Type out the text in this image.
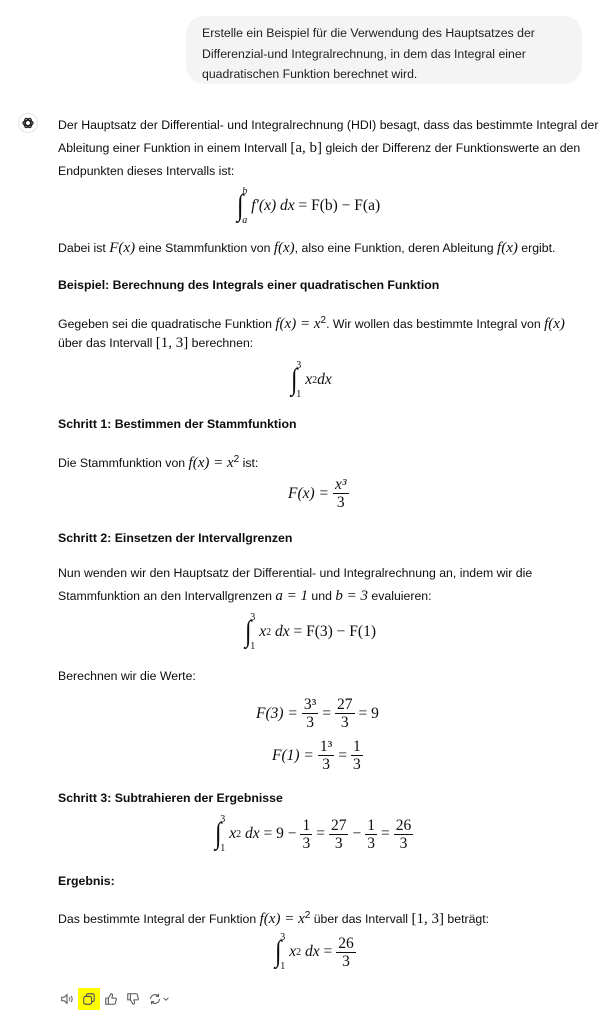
Erstelle ein Beispiel für die Verwendung des Hauptsatzes der Differenzial-und Integralrechnung, in dem das Integral einer quadratischen Funktion berechnet wird.
Der Hauptsatz der Differential- und Integralrechnung (HDI) besagt, dass das bestimmte Integral der
Ableitung einer Funktion in einem Intervall [a, b] gleich der Differenz der Funktionswerte an den
Endpunkten dieses Intervalls ist:
∫
b
a
f′(x) dx
= F(b) − F(a)
Dabei ist F(x) eine Stammfunktion von f(x), also eine Funktion, deren Ableitung f(x) ergibt.
Beispiel: Berechnung des Integrals einer quadratischen Funktion
Gegeben sei die quadratische Funktion $f(x) = x^2$. Wir wollen das bestimmte Integral von f(x)
über das Intervall [1, 3] berechnen:
∫
3
1
x 2 dx
Schritt 1: Bestimmen der Stammfunktion
Die Stammfunktion von $f(x) = x^2$ ist:
$F(x) = \frac{\text{x³}}{3}$
Schritt 2: Einsetzen der Intervallgrenzen
Nun wenden wir den Hauptsatz der Differential- und Integralrechnung an, indem wir die
Stammfunktion an den Intervallgrenzen a = 1 und b = 3 evaluieren:
∫
3
1
x 2 dx = F(3) − F(1)
Berechnen wir die Werte:
$F(3) = \frac{\text{3³}}{3} = \frac{27}{3} = 9$
$F(1) = \frac{\text{1³}}{3} = \frac{1}{3}$
Schritt 3: Subtrahieren der Ergebnisse
∫
3
1
x 2 dx = $9 - \frac{1}{3} = \frac{27}{3} - \frac{1}{3} = \frac{26}{3}$
Ergebnis:
Das bestimmte Integral der Funktion $f(x) = x^2$ über das Intervall [1, 3] beträgt:
∫
3
1
x 2 dx = $\frac{26}{3}$
